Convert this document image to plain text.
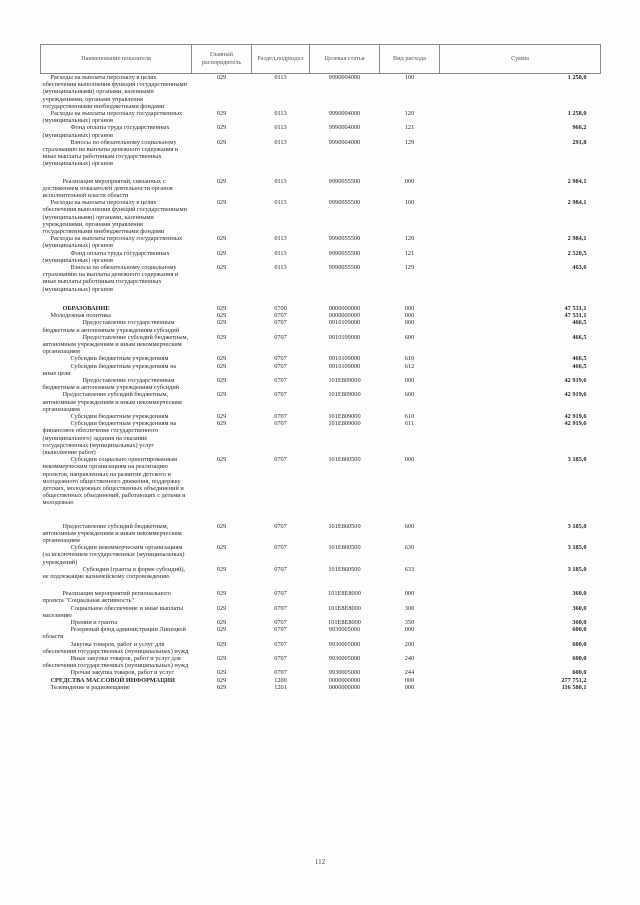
Наименование показателя	Главный распорядитель	Раздел,подраздел	Целевая статья	Вид расхода	Сумма
Расходы на выплаты персоналу в целях обеспечения выполнения функций государственными (муниципальными) органами, казенными учреждениями, органами управления государственными внебюджетными фондами	029	0113	9990004000	100	1 258,0
Расходы на выплаты персоналу государственных (муниципальных) органов	029	0113	9990004000	120	1 258,0
Фонд оплаты труда государственных (муниципальных) органов	029	0113	9990004000	121	966,2
Взносы по обязательному социальному страхованию на выплаты денежного содержания и иные выплаты работникам государственных (муниципальных) органов	029	0113	9990004000	129	291,8
Реализация мероприятий, связанных с достижением показателей деятельности органов исполнительной власти области	029	0113	9990055500	000	2 984,1
Расходы на выплаты персоналу в целях обеспечения выполнения функций государственными (муниципальными) органами, казенными учреждениями, органами управления государственными внебюджетными фондами	029	0113	9990055500	100	2 984,1
Расходы на выплаты персоналу государственных (муниципальных) органов	029	0113	9990055500	120	2 984,1
Фонд оплаты труда государственных (муниципальных) органов	029	0113	9990055500	121	2 520,5
Взносы по обязательному социальному страхованию на выплаты денежного содержания и иные выплаты работникам государственных (муниципальных) органов	029	0113	9990055500	129	463,6
ОБРАЗОВАНИЕ	029	0700	0000000000	000	47 531,1
Молодежная политика	029	0707	0000000000	000	47 531,1
Предоставление государственным бюджетным и автономным учреждениям субсидий	029	0707	0910109000	000	466,5
Предоставление субсидий бюджетным, автономным учреждениям и иным некоммерческим организациям	029	0707	0910109000	600	466,5
Субсидии бюджетным учреждениям	029	0707	0910109000	610	466,5
Субсидии бюджетным учреждениям на иные цели	029	0707	0910109000	612	466,5
Предоставление государственным бюджетным и автономным учреждениям субсидий	029	0707	101E809000	000	42 919,6
Предоставление субсидий бюджетным, автономным учреждениям и иным некоммерческим организациям	029	0707	101E809000	600	42 919,6
Субсидии бюджетным учреждениям	029	0707	101E809000	610	42 919,6
Субсидии бюджетным учреждениям на финансовое обеспечение государственного (муниципального) задания на оказание государственных (муниципальных) услуг (выполнение работ)	029	0707	101E809000	611	42 919,6
Субсидии социально ориентированным некоммерческим организациям на реализацию проектов, направленных на развитие детского и молодежного общественного движения, поддержку детских, молодежных общественных объединений и общественных объединений, работающих с детьми и молодежью	029	0707	101E860500	000	3 185,0
Предоставление субсидий бюджетным, автономным учреждениям и иным некоммерческим организациям	029	0707	101E860500	600	3 185,0
Субсидии некоммерческим организациям (за исключением государственных (муниципальных) учреждений)	029	0707	101E860500	630	3 185,0
Субсидии (гранты в форме субсидий), не подлежащие казначейскому сопровождению	029	0707	101E860500	633	3 185,0
Реализация мероприятий регионального проекта "Социальная активность"	029	0707	101E8E8000	000	360,0
Социальное обеспечение и иные выплаты населению	029	0707	101E8E8000	300	360,0
Премии и гранты	029	0707	101E8E8000	350	360,0
Резервный фонд администрации Липецкой области	029	0707	9930005000	000	600,0
Закупка товаров, работ и услуг для обеспечения государственных (муниципальных) нужд	029	0707	9930005000	200	600,0
Иные закупки товаров, работ и услуг для обеспечения государственных (муниципальных) нужд	029	0707	9930005000	240	600,0
Прочая закупка товаров, работ и услуг	029	0707	9930005000	244	600,0
СРЕДСТВА МАССОВОЙ ИНФОРМАЦИИ	029	1200	0000000000	000	277 751,2
Телевидение и радиовещание	029	1201	0000000000	000	116 580,1
112
